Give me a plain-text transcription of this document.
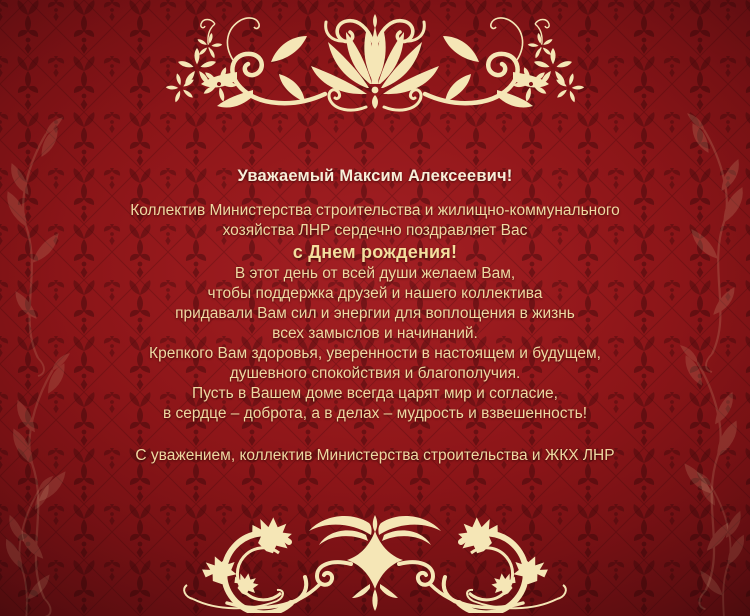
Уважаемый Максим Алексеевич!
Коллектив Министерства строительства и жилищно-коммунального
хозяйства ЛНР сердечно поздравляет Вас
с Днем рождения!
В этот день от всей души желаем Вам,
чтобы поддержка друзей и нашего коллектива
придавали Вам сил и энергии для воплощения в жизнь
всех замыслов и начинаний.
Крепкого Вам здоровья, уверенности в настоящем и будущем,
душевного спокойствия и благополучия.
Пусть в Вашем доме всегда царят мир и согласие,
в сердце – доброта, а в делах – мудрость и взвешенность!
С уважением, коллектив Министерства строительства и ЖКХ ЛНР
